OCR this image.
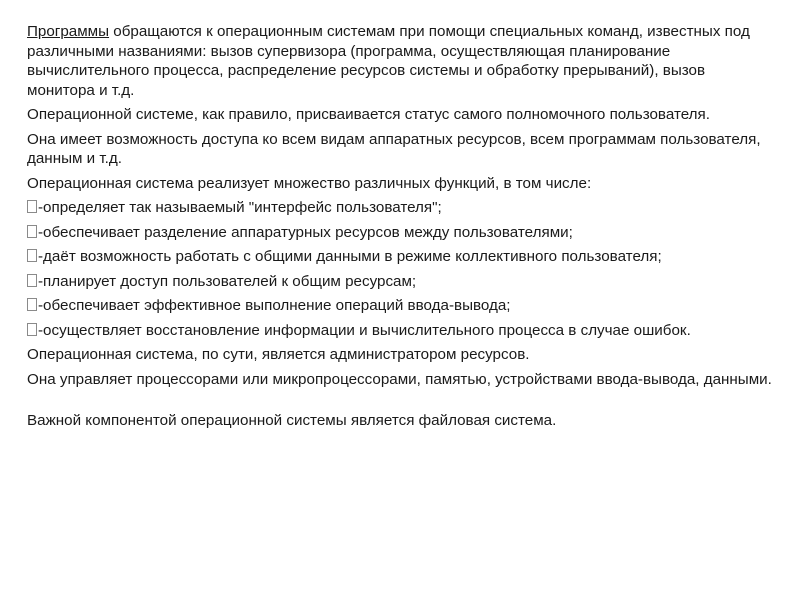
Программы обращаются к операционным системам при помощи специальных команд, известных под различными названиями: вызов супервизора (программа, осуществляющая планирование вычислительного процесса, распределение ресурсов системы и обработку прерываний), вызов монитора и т.д.

Операционной системе, как правило, присваивается статус самого полномочного пользователя.

Она имеет возможность доступа ко всем видам аппаратных ресурсов, всем программам пользователя, данным и т.д.

Операционная система реализует множество различных функций, в том числе:

-определяет так называемый "интерфейс пользователя";

-обеспечивает разделение аппаратурных ресурсов между пользователями;

-даёт возможность работать с общими данными в режиме коллективного пользователя;

-планирует доступ пользователей к общим ресурсам;

-обеспечивает эффективное выполнение операций ввода-вывода;

-осуществляет восстановление информации и вычислительного процесса в случае ошибок.

Операционная система, по сути, является администратором ресурсов.

Она управляет процессорами или микропроцессорами, памятью, устройствами ввода-вывода, данными.

Важной компонентой операционной системы является файловая система.
